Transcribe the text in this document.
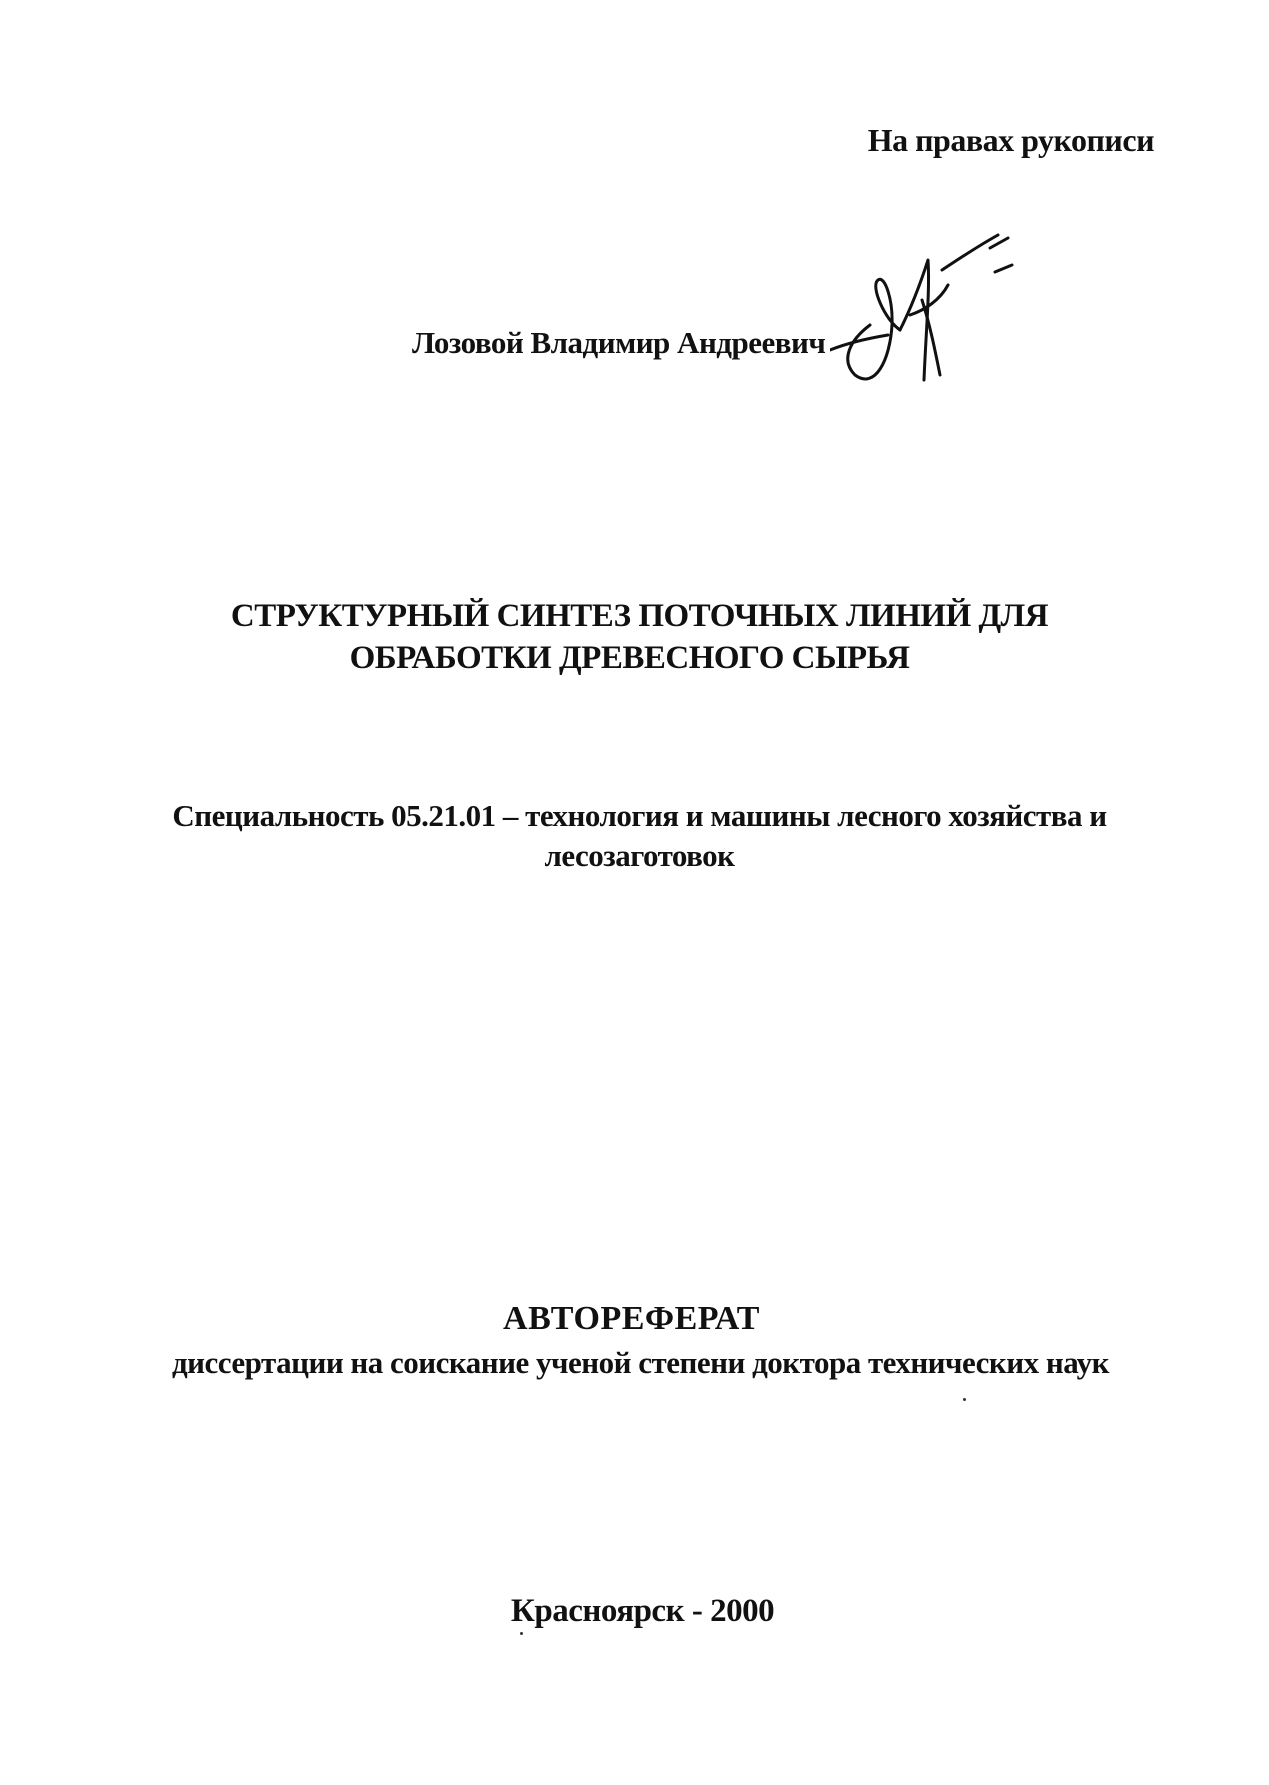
На правах рукописи
Лозовой Владимир Андреевич
СТРУКТУРНЫЙ СИНТЕЗ ПОТОЧНЫХ ЛИНИЙ ДЛЯ
ОБРАБОТКИ ДРЕВЕСНОГО СЫРЬЯ
Специальность 05.21.01 – технология и машины лесного хозяйства и
лесозаготовок
АВТОРЕФЕРАТ
диссертации на соискание ученой степени доктора технических наук
Красноярск - 2000
